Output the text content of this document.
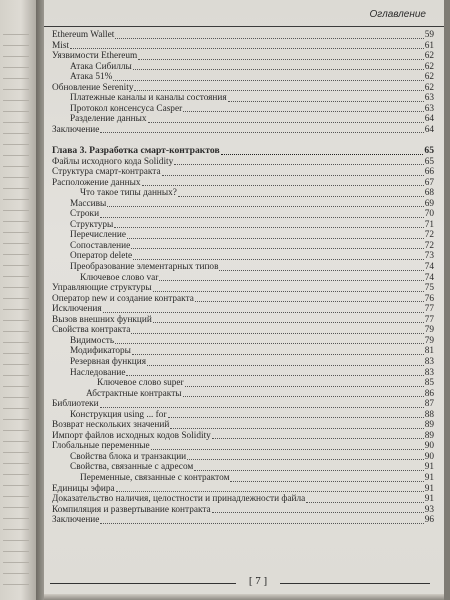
Оглавление
Ethereum Wallet	59
Mist	61
Уязвимости Ethereum	62
Атака Сибиллы	62
Атака 51%	62
Обновление Serenity	62
Платежные каналы и каналы состояния	63
Протокол консенсуса Casper	63
Разделение данных	64
Заключение	64
Глава 3. Разработка смарт-контрактов	65
Файлы исходного кода Solidity	65
Структура смарт-контракта	66
Расположение данных	67
Что такое типы данных?	68
Массивы	69
Строки	70
Структуры	71
Перечисление	72
Сопоставление	72
Оператор delete	73
Преобразование элементарных типов	74
Ключевое слово var	74
Управляющие структуры	75
Оператор new и создание контракта	76
Исключения	77
Вызов внешних функций	77
Свойства контракта	79
Видимость	79
Модификаторы	81
Резервная функция	83
Наследование	83
Ключевое слово super	85
Абстрактные контракты	86
Библиотеки	87
Конструкция using ... for	88
Возврат нескольких значений	89
Импорт файлов исходных кодов Solidity	89
Глобальные переменные	90
Свойства блока и транзакции	90
Свойства, связанные с адресом	91
Переменные, связанные с контрактом	91
Единицы эфира	91
Доказательство наличия, целостности и принадлежности файла	91
Компиляция и развертывание контракта	93
Заключение	96
[ 7 ]
